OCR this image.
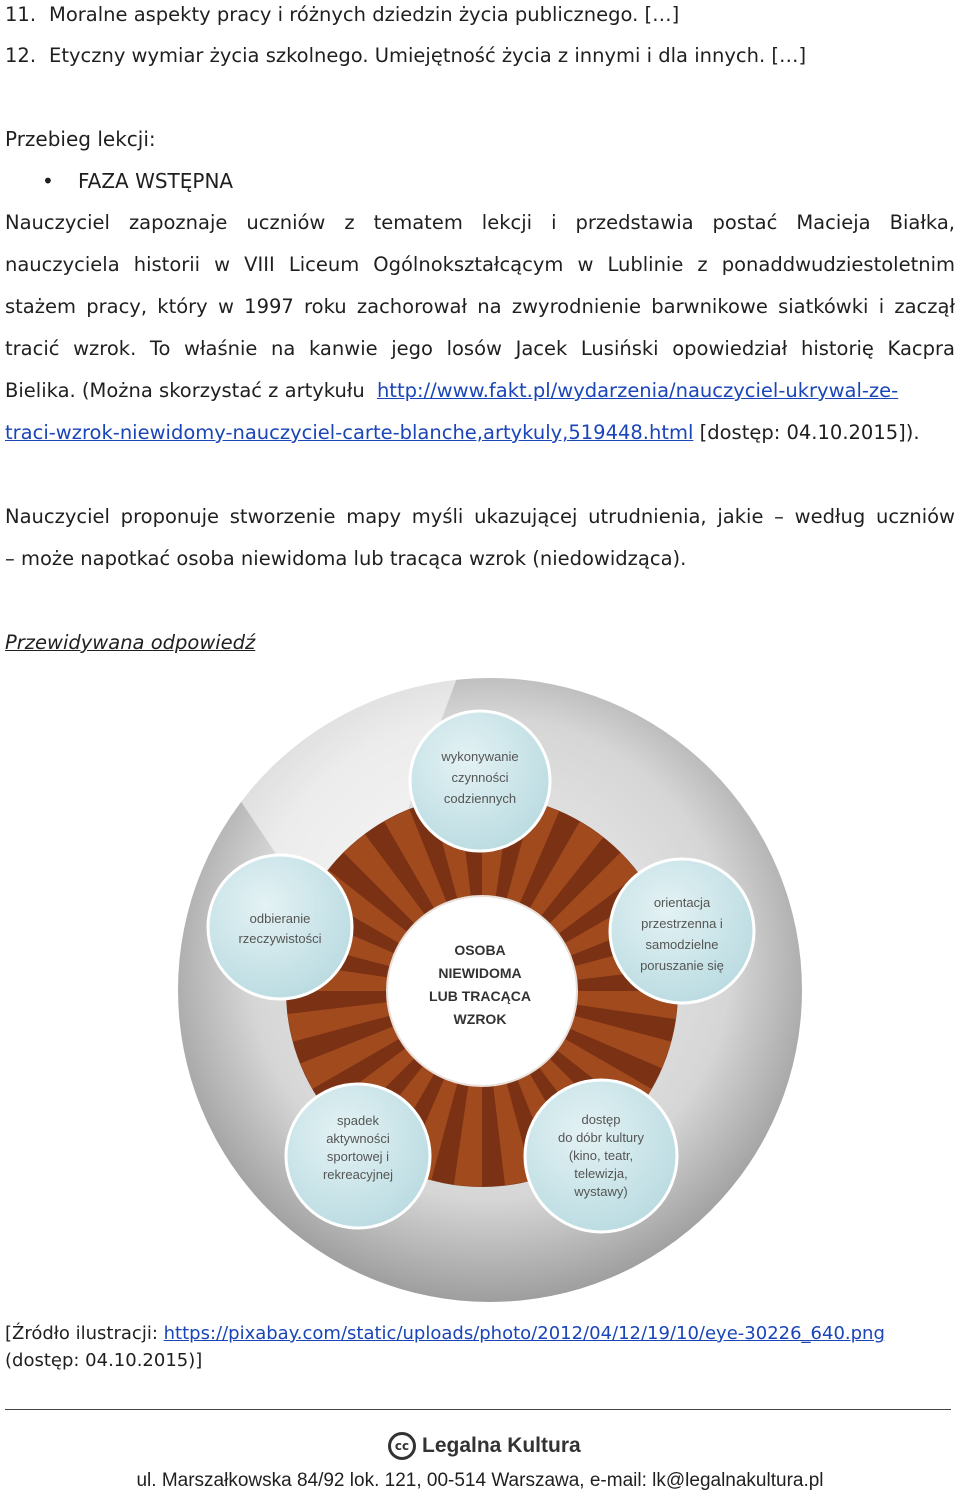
11. Moralne aspekty pracy i różnych dziedzin życia publicznego. […]
12. Etyczny wymiar życia szkolnego. Umiejętność życia z innymi i dla innych. […]
Przebieg lekcji:
• FAZA WSTĘPNA
Nauczyciel zapoznaje uczniów z tematem lekcji i przedstawia postać Macieja Białka,
nauczyciela historii w VIII Liceum Ogólnokształcącym w Lublinie z ponaddwudziestoletnim
stażem pracy, który w 1997 roku zachorował na zwyrodnienie barwnikowe siatkówki i zaczął
tracić wzrok. To właśnie na kanwie jego losów Jacek Lusiński opowiedział historię Kacpra
Bielika. (Można skorzystać z artykułu http://www.fakt.pl/wydarzenia/nauczyciel-ukrywal-ze-
traci-wzrok-niewidomy-nauczyciel-carte-blanche,artykuly,519448.html [dostęp: 04.10.2015]).
Nauczyciel proponuje stworzenie mapy myśli ukazującej utrudnienia, jakie – według uczniów
– może napotkać osoba niewidoma lub tracąca wzrok (niedowidząca).
Przewidywana odpowiedź
OSOBA
NIEWIDOMA
LUB TRACĄCA
WZROK
wykonywanie
czynności
codziennych
orientacja
przestrzenna i
samodzielne
poruszanie się
dostęp
do dóbr kultury
(kino, teatr,
telewizja,
wystawy)
spadek
aktywności
sportowej i
rekreacyjnej
odbieranie
rzeczywistości
[Źródło ilustracji: https://pixabay.com/static/uploads/photo/2012/04/12/19/10/eye-30226_640.png
(dostęp: 04.10.2015)]
cc Legalna Kultura
ul. Marszałkowska 84/92 lok. 121, 00-514 Warszawa, e-mail: lk@legalnakultura.pl
